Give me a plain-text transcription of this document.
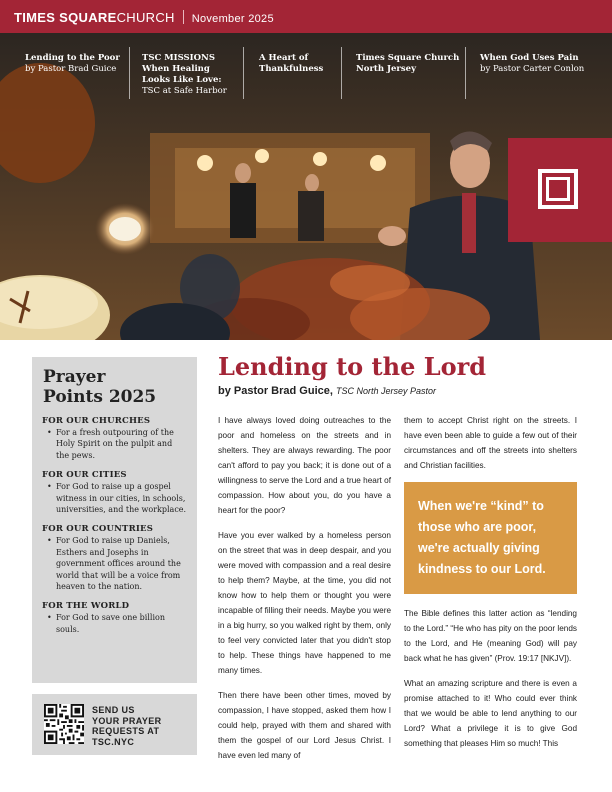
TIMES SQUARECHURCH November 2025
Lending to the Poor
by Pastor Brad Guice
TSC MISSIONS
When Healing
Looks Like Love:
TSC at Safe Harbor
A Heart of
Thankfulness
Times Square Church
North Jersey
When God Uses Pain
by Pastor Carter Conlon
Prayer
Points 2025
FOR OUR CHURCHES
• For a fresh outpouring of the Holy Spirit on the pulpit and the pews.
FOR OUR CITIES
• For God to raise up a gospel witness in our cities, in schools, universities, and the workplace.
FOR OUR COUNTRIES
• For God to raise up Daniels, Esthers and Josephs in government offices around the world that will be a voice from heaven to the nation.
FOR THE WORLD
• For God to save one billion souls.
SEND US
YOUR PRAYER
REQUESTS AT
TSC.NYC
Lending to the Lord
by Pastor Brad Guice, TSC North Jersey Pastor

I have always loved doing outreaches to the poor and homeless on the streets and in shelters. They are always rewarding. The poor can't afford to pay you back; it is done out of a willingness to serve the Lord and a true heart of compassion. How about you, do you have a heart for the poor?

Have you ever walked by a homeless person on the street that was in deep despair, and you were moved with compassion and a real desire to help them? Maybe, at the time, you did not know how to help them or thought you were incapable of filling their needs. Maybe you were in a big hurry, so you walked right by them, only to feel very convicted later that you didn't stop to help. These things have happened to me many times.

Then there have been other times, moved by compassion, I have stopped, asked them how I could help, prayed with them and shared with them the gospel of our Lord Jesus Christ. I have even led many of

them to accept Christ right on the streets. I have even been able to guide a few out of their circumstances and off the streets into shelters and Christian facilities.

When we're “kind” to those who are poor, we're actually giving kindness to our Lord.

The Bible defines this latter action as “lending to the Lord.” “He who has pity on the poor lends to the Lord, and He (meaning God) will pay back what he has given” (Prov. 19:17 [NKJV]).

What an amazing scripture and there is even a promise attached to it! Who could ever think that we would be able to lend anything to our Lord? What a privilege it is to give God something that pleases Him so much! This
